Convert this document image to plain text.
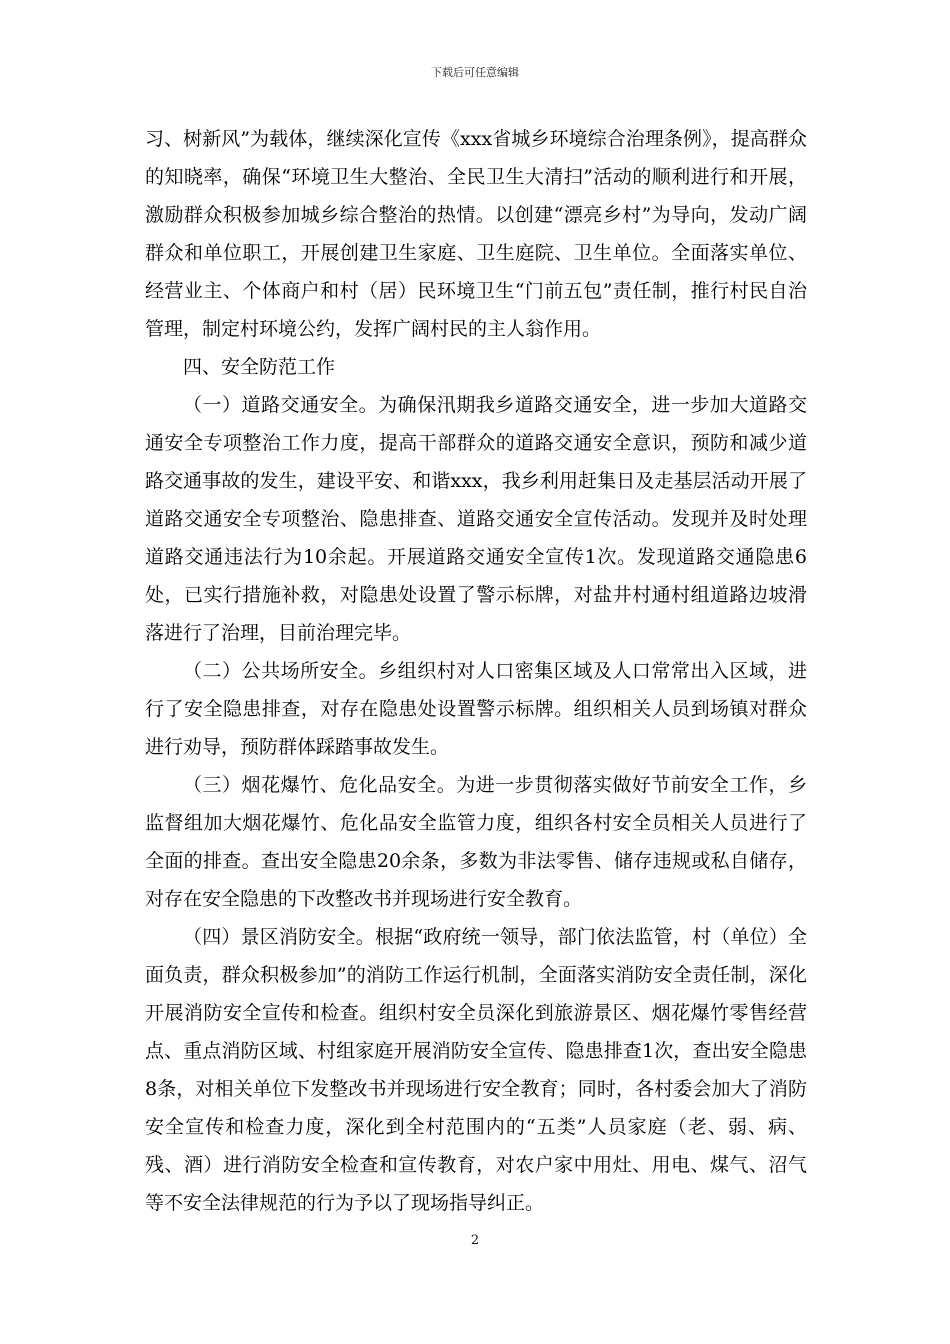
下载后可任意编辑

习、树新风”为载体，继续深化宣传《xxx省城乡环境综合治理条例》，提高群众的知晓率，确保“环境卫生大整治、全民卫生大清扫”活动的顺利进行和开展，激励群众积极参加城乡综合整治的热情。以创建“漂亮乡村”为导向，发动广阔群众和单位职工，开展创建卫生家庭、卫生庭院、卫生单位。全面落实单位、经营业主、个体商户和村（居）民环境卫生“门前五包”责任制，推行村民自治管理，制定村环境公约，发挥广阔村民的主人翁作用。

四、安全防范工作

（一）道路交通安全。为确保汛期我乡道路交通安全，进一步加大道路交通安全专项整治工作力度，提高干部群众的道路交通安全意识，预防和减少道路交通事故的发生，建设平安、和谐xxx，我乡利用赶集日及走基层活动开展了道路交通安全专项整治、隐患排查、道路交通安全宣传活动。发现并及时处理道路交通违法行为10余起。开展道路交通安全宣传1次。发现道路交通隐患6处，已实行措施补救，对隐患处设置了警示标牌，对盐井村通村组道路边坡滑落进行了治理，目前治理完毕。

（二）公共场所安全。乡组织村对人口密集区域及人口常常出入区域，进行了安全隐患排查，对存在隐患处设置警示标牌。组织相关人员到场镇对群众进行劝导，预防群体踩踏事故发生。

（三）烟花爆竹、危化品安全。为进一步贯彻落实做好节前安全工作，乡监督组加大烟花爆竹、危化品安全监管力度，组织各村安全员相关人员进行了全面的排查。查出安全隐患20余条，多数为非法零售、储存违规或私自储存，对存在安全隐患的下改整改书并现场进行安全教育。

（四）景区消防安全。根据“政府统一领导，部门依法监管，村（单位）全面负责，群众积极参加”的消防工作运行机制，全面落实消防安全责任制，深化开展消防安全宣传和检查。组织村安全员深化到旅游景区、烟花爆竹零售经营点、重点消防区域、村组家庭开展消防安全宣传、隐患排查1次，查出安全隐患8条，对相关单位下发整改书并现场进行安全教育；同时，各村委会加大了消防安全宣传和检查力度，深化到全村范围内的“五类”人员家庭（老、弱、病、残、酒）进行消防安全检查和宣传教育，对农户家中用灶、用电、煤气、沼气等不安全法律规范的行为予以了现场指导纠正。

2
